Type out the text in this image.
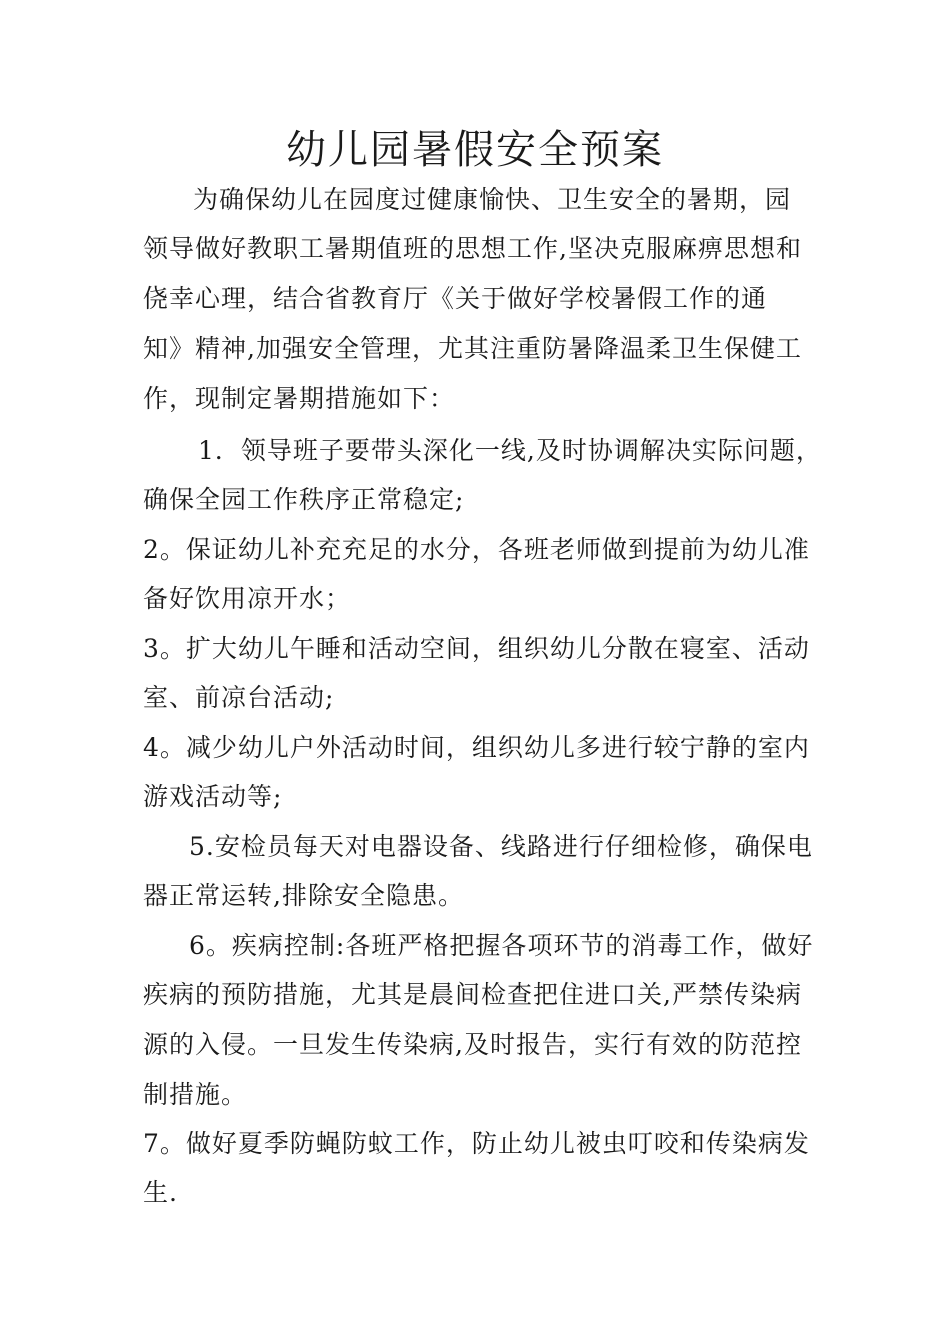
幼儿园暑假安全预案
为确保幼儿在园度过健康愉快、卫生安全的暑期，园
领导做好教职工暑期值班的思想工作,坚决克服麻痹思想和
侥幸心理，结合省教育厅《关于做好学校暑假工作的通
知》精神,加强安全管理，尤其注重防暑降温柔卫生保健工
作，现制定暑期措施如下：
1．领导班子要带头深化一线,及时协调解决实际问题，
确保全园工作秩序正常稳定;
2。保证幼儿补充充足的水分，各班老师做到提前为幼儿准
备好饮用凉开水；
3。扩大幼儿午睡和活动空间，组织幼儿分散在寝室、活动
室、前凉台活动;
4。减少幼儿户外活动时间，组织幼儿多进行较宁静的室内
游戏活动等;
5.安检员每天对电器设备、线路进行仔细检修，确保电
器正常运转,排除安全隐患。
6。疾病控制:各班严格把握各项环节的消毒工作，做好
疾病的预防措施，尤其是晨间检查把住进口关,严禁传染病
源的入侵。一旦发生传染病,及时报告，实行有效的防范控
制措施。
7。做好夏季防蝇防蚊工作，防止幼儿被虫叮咬和传染病发
生.
